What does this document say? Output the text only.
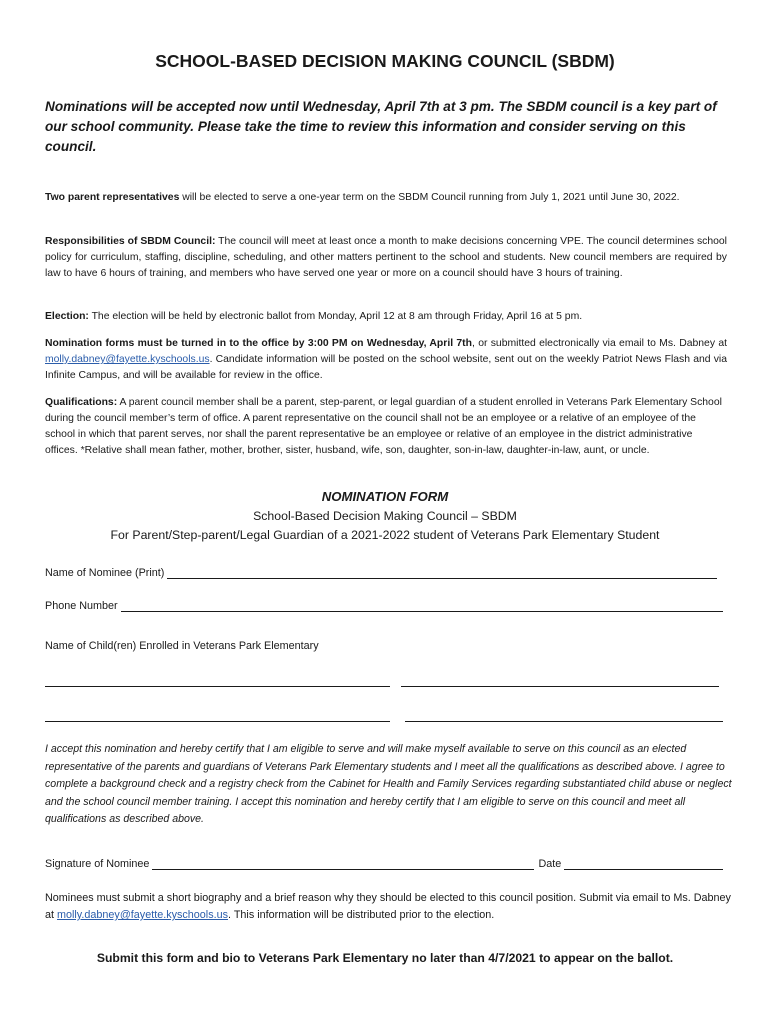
SCHOOL-BASED DECISION MAKING COUNCIL (SBDM)
Nominations will be accepted now until Wednesday, April 7th at 3 pm. The SBDM council is a key part of our school community. Please take the time to review this information and consider serving on this council.
Two parent representatives will be elected to serve a one-year term on the SBDM Council running from July 1, 2021 until June 30, 2022.
Responsibilities of SBDM Council: The council will meet at least once a month to make decisions concerning VPE. The council determines school policy for curriculum, staffing, discipline, scheduling, and other matters pertinent to the school and students. New council members are required by law to have 6 hours of training, and members who have served one year or more on a council should have 3 hours of training.
Election: The election will be held by electronic ballot from Monday, April 12 at 8 am through Friday, April 16 at 5 pm.
Nomination forms must be turned in to the office by 3:00 PM on Wednesday, April 7th, or submitted electronically via email to Ms. Dabney at molly.dabney@fayette.kyschools.us. Candidate information will be posted on the school website, sent out on the weekly Patriot News Flash and via Infinite Campus, and will be available for review in the office.
Qualifications: A parent council member shall be a parent, step-parent, or legal guardian of a student enrolled in Veterans Park Elementary School during the council member’s term of office. A parent representative on the council shall not be an employee or a relative of an employee of the school in which that parent serves, nor shall the parent representative be an employee or relative of an employee in the district administrative offices. *Relative shall mean father, mother, brother, sister, husband, wife, son, daughter, son-in-law, daughter-in-law, aunt, or uncle.
NOMINATION FORM
School-Based Decision Making Council – SBDM
For Parent/Step-parent/Legal Guardian of a 2021-2022 student of Veterans Park Elementary Student
Name of Nominee (Print)
Phone Number
Name of Child(ren) Enrolled in Veterans Park Elementary
I accept this nomination and hereby certify that I am eligible to serve and will make myself available to serve on this council as an elected representative of the parents and guardians of Veterans Park Elementary students and I meet all the qualifications as described above. I agree to complete a background check and a registry check from the Cabinet for Health and Family Services regarding substantiated child abuse or neglect and the school council member training. I accept this nomination and hereby certify that I am eligible to serve on this council and meet all qualifications as described above.
Signature of Nominee	Date
Nominees must submit a short biography and a brief reason why they should be elected to this council position. Submit via email to Ms. Dabney at molly.dabney@fayette.kyschools.us. This information will be distributed prior to the election.
Submit this form and bio to Veterans Park Elementary no later than 4/7/2021 to appear on the ballot.
